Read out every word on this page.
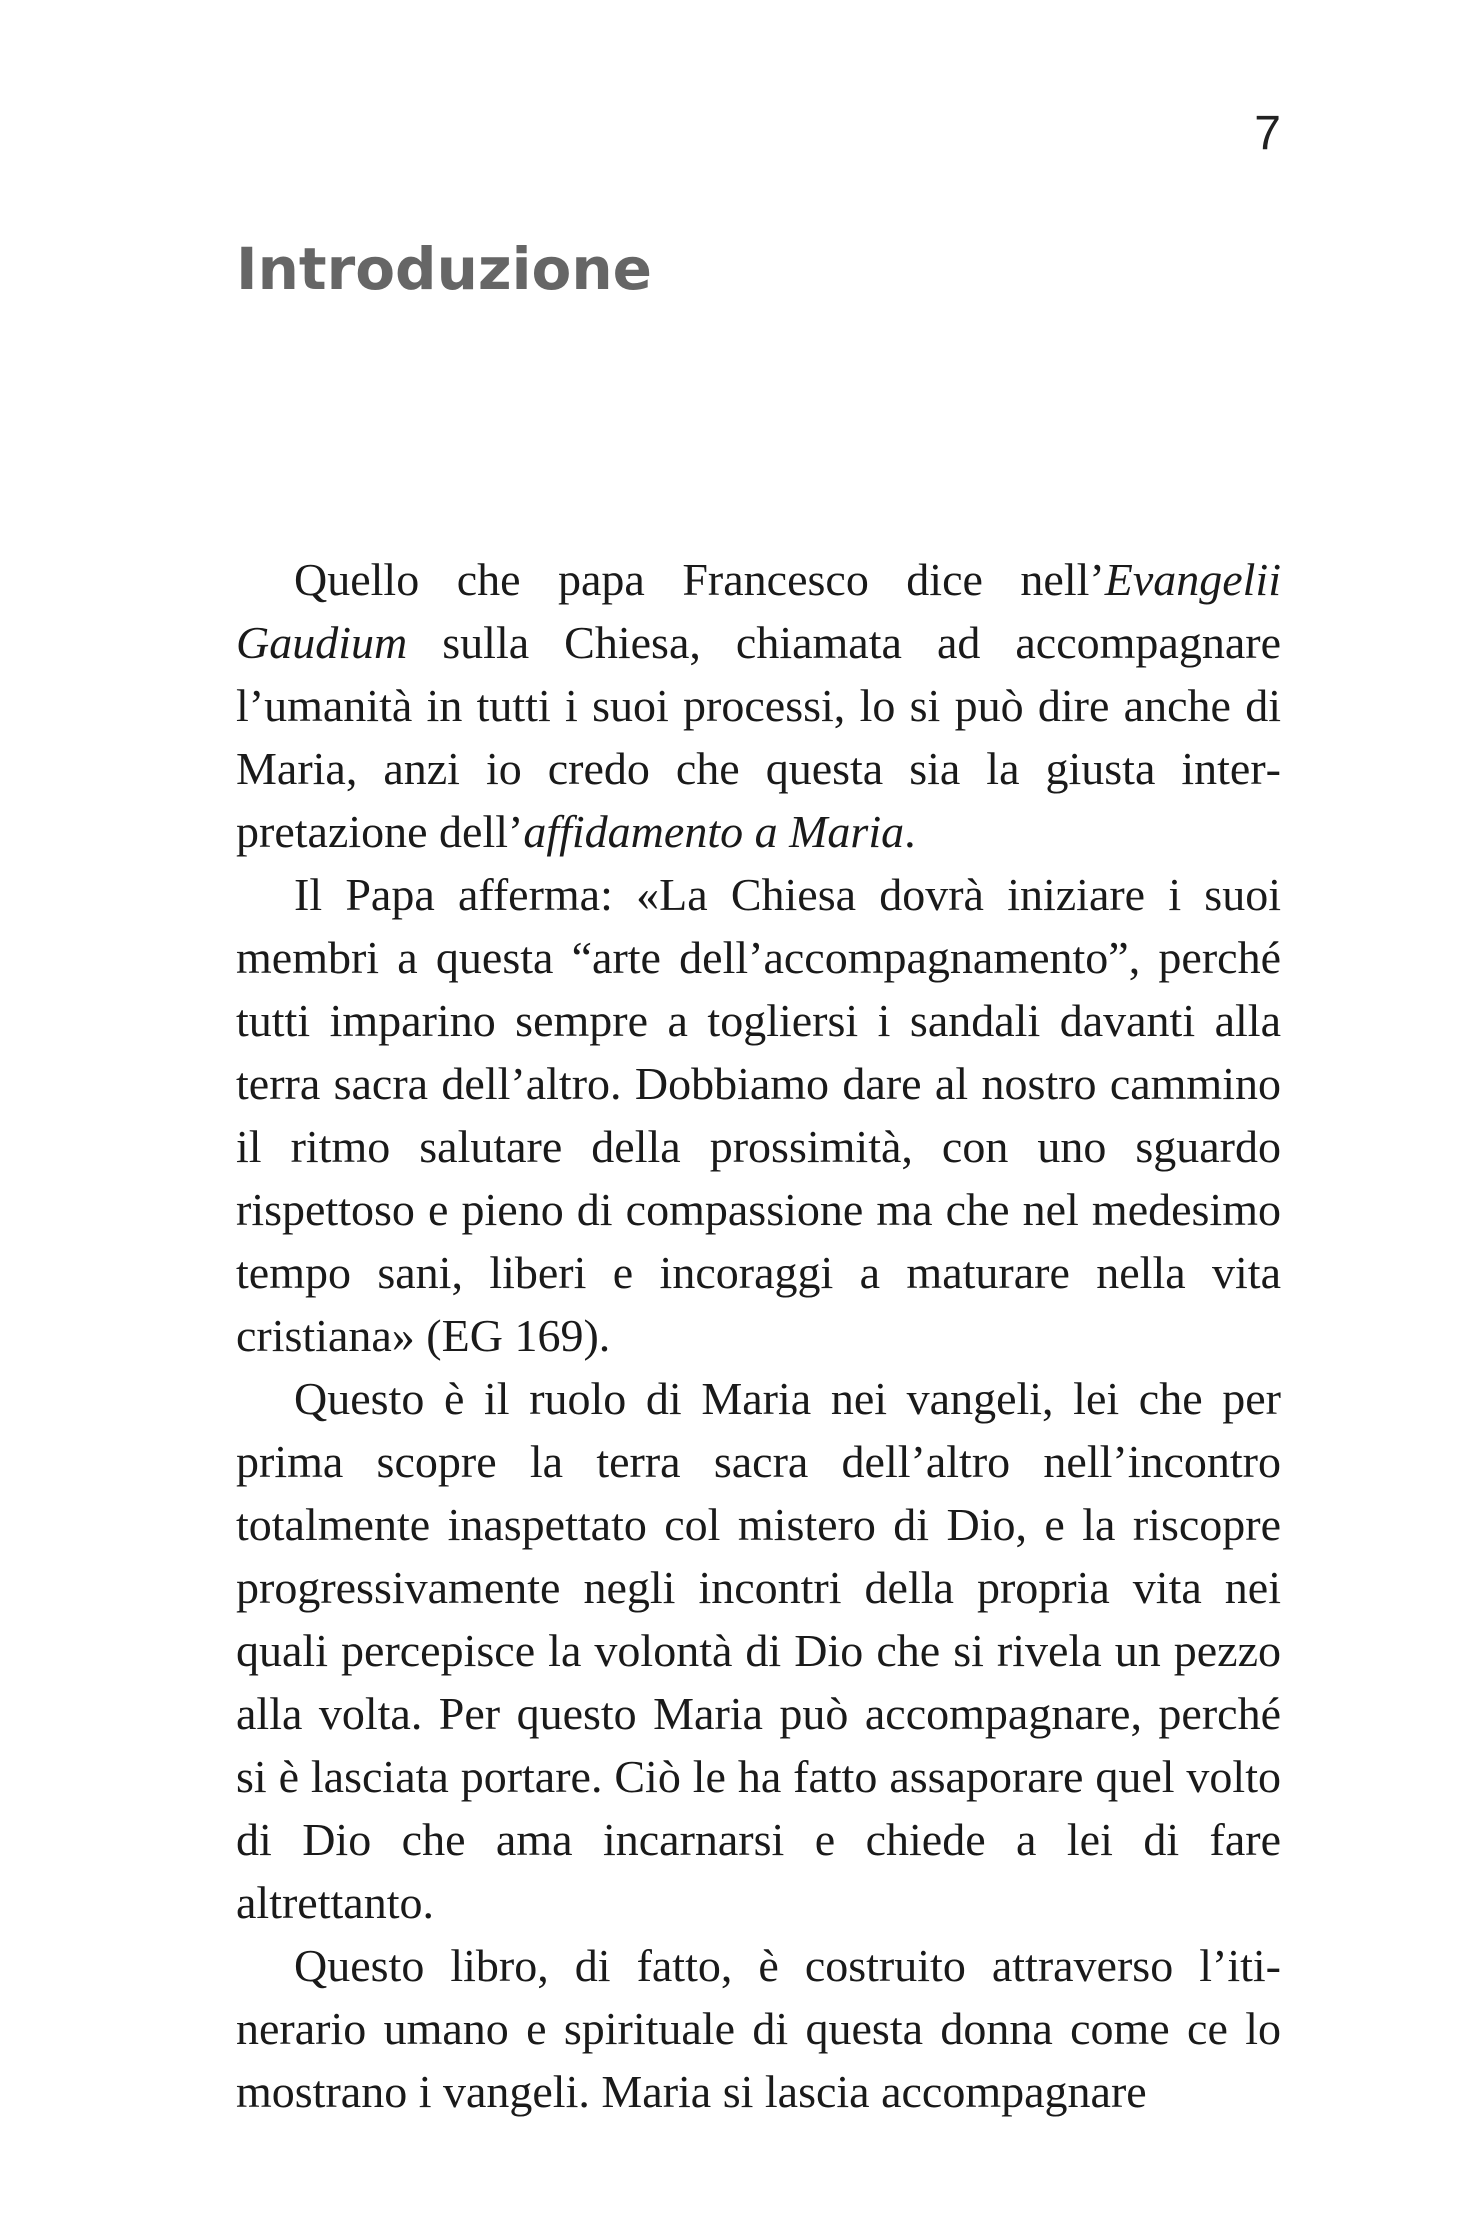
7
Introduzione

Quello che papa Francesco dice nell’Evangelii Gaudium sulla Chiesa, chiamata ad accompagnare l’umanità in tutti i suoi processi, lo si può dire anche di Maria, anzi io credo che questa sia la giusta interpretazione dell’affidamento a Maria.

Il Papa afferma: «La Chiesa dovrà iniziare i suoi membri a questa “arte dell’accompagnamento”, perché tutti imparino sempre a togliersi i sandali davanti alla terra sacra dell’altro. Dobbiamo dare al nostro cammino il ritmo salutare della prossimità, con uno sguardo rispettoso e pieno di compassione ma che nel medesimo tempo sani, liberi e incoraggi a maturare nella vita cristiana» (EG 169).

Questo è il ruolo di Maria nei vangeli, lei che per prima scopre la terra sacra dell’altro nell’incontro totalmente inaspettato col mistero di Dio, e la riscopre progressivamente negli incontri della propria vita nei quali percepisce la volontà di Dio che si rivela un pezzo alla volta. Per questo Maria può accompagnare, perché si è lasciata portare. Ciò le ha fatto assaporare quel volto di Dio che ama incarnarsi e chiede a lei di fare altrettanto.

Questo libro, di fatto, è costruito attraverso l’itinerario umano e spirituale di questa donna come ce lo mostrano i vangeli. Maria si lascia accompagnare
